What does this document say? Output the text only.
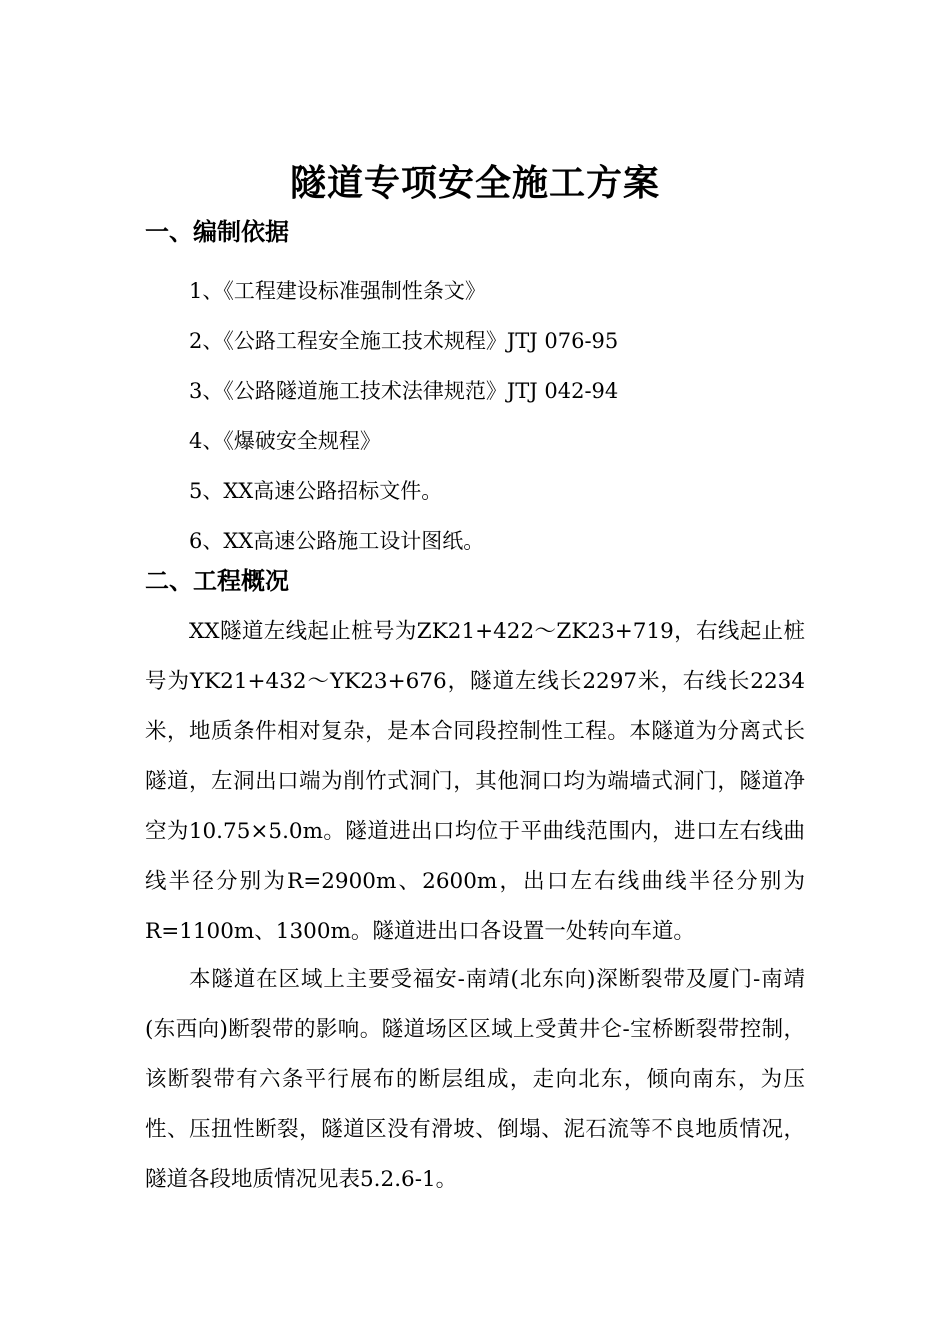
隧道专项安全施工方案
一、编制依据
1、《工程建设标准强制性条文》
2、《公路工程安全施工技术规程》JTJ 076-95
3、《公路隧道施工技术法律规范》JTJ 042-94
4、《爆破安全规程》
5、XX高速公路招标文件。
6、XX高速公路施工设计图纸。
二、工程概况

XX隧道左线起止桩号为ZK21+422～ZK23+719，右线起止桩号为YK21+432～YK23+676，隧道左线长2297米，右线长2234米，地质条件相对复杂，是本合同段控制性工程。本隧道为分离式长隧道，左洞出口端为削竹式洞门，其他洞口均为端墙式洞门，隧道净空为10.75×5.0m。隧道进出口均位于平曲线范围内，进口左右线曲线半径分别为R=2900m、2600m，出口左右线曲线半径分别为R=1100m、1300m。隧道进出口各设置一处转向车道。

本隧道在区域上主要受福安-南靖(北东向)深断裂带及厦门-南靖(东西向)断裂带的影响。隧道场区区域上受黄井仑-宝桥断裂带控制，该断裂带有六条平行展布的断层组成，走向北东，倾向南东，为压性、压扭性断裂，隧道区没有滑坡、倒塌、泥石流等不良地质情况，隧道各段地质情况见表5.2.6-1。
